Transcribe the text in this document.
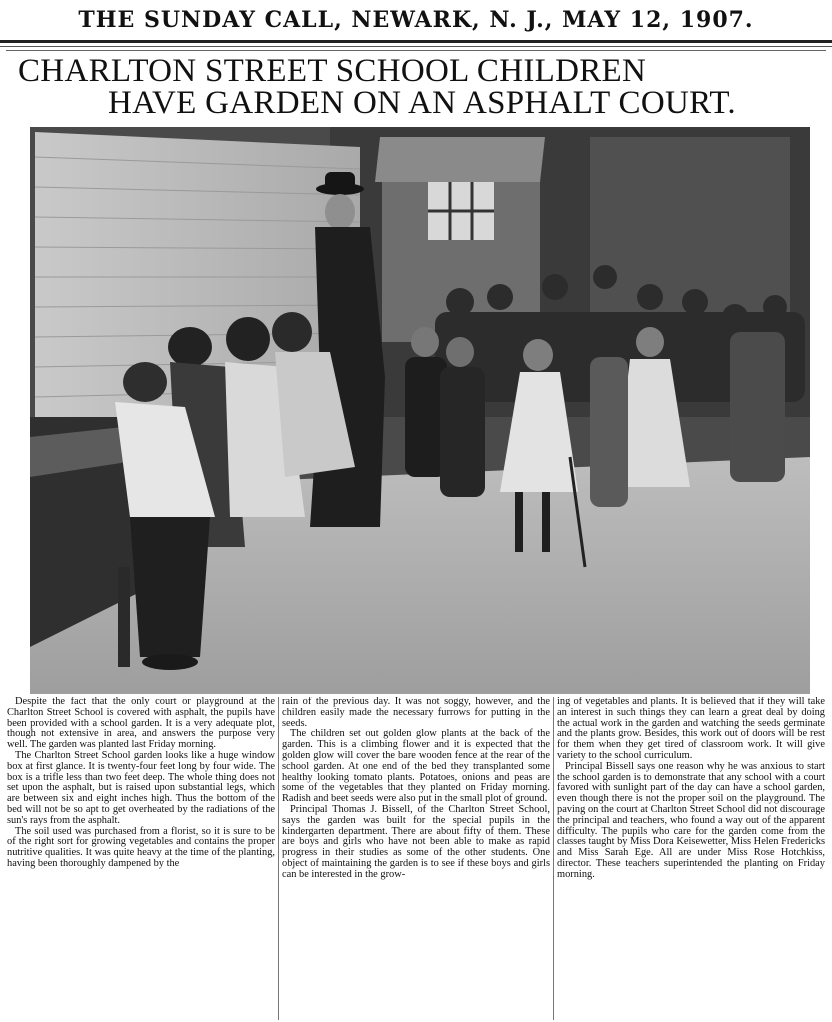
THE SUNDAY CALL, NEWARK, N. J., MAY 12, 1907.
CHARLTON STREET SCHOOL CHILDREN
HAVE GARDEN ON AN ASPHALT COURT.

Despite the fact that the only court or playground at the Charlton Street School is covered with asphalt, the pupils have been provided with a school garden. It is a very adequate plot, though not extensive in area, and answers the purpose very well. The garden was planted last Friday morning.

The Charlton Street School garden looks like a huge window box at first glance. It is twenty-four feet long by four wide. The box is a trifle less than two feet deep. The whole thing does not set upon the asphalt, but is raised upon substantial legs, which are between six and eight inches high. Thus the bottom of the bed will not be so apt to get overheated by the radiations of the sun's rays from the asphalt.

The soil used was purchased from a florist, so it is sure to be of the right sort for growing vegetables and contains the proper nutritive qualities. It was quite heavy at the time of the planting, having been thoroughly dampened by the

rain of the previous day. It was not soggy, however, and the children easily made the necessary furrows for putting in the seeds.

The children set out golden glow plants at the back of the garden. This is a climbing flower and it is expected that the golden glow will cover the bare wooden fence at the rear of the school garden. At one end of the bed they transplanted some healthy looking tomato plants. Potatoes, onions and peas are some of the vegetables that they planted on Friday morning. Radish and beet seeds were also put in the small plot of ground.

Principal Thomas J. Bissell, of the Charlton Street School, says the garden was built for the special pupils in the kindergarten department. There are about fifty of them. These are boys and girls who have not been able to make as rapid progress in their studies as some of the other students. One object of maintaining the garden is to see if these boys and girls can be interested in the grow-

ing of vegetables and plants. It is believed that if they will take an interest in such things they can learn a great deal by doing the actual work in the garden and watching the seeds germinate and the plants grow. Besides, this work out of doors will be rest for them when they get tired of classroom work. It will give variety to the school curriculum.

Principal Bissell says one reason why he was anxious to start the school garden is to demonstrate that any school with a court favored with sunlight part of the day can have a school garden, even though there is not the proper soil on the playground. The paving on the court at Charlton Street School did not discourage the principal and teachers, who found a way out of the apparent difficulty. The pupils who care for the garden come from the classes taught by Miss Dora Keisewetter, Miss Helen Fredericks and Miss Sarah Ege. All are under Miss Rose Hotchkiss, director. These teachers superintended the planting on Friday morning.
